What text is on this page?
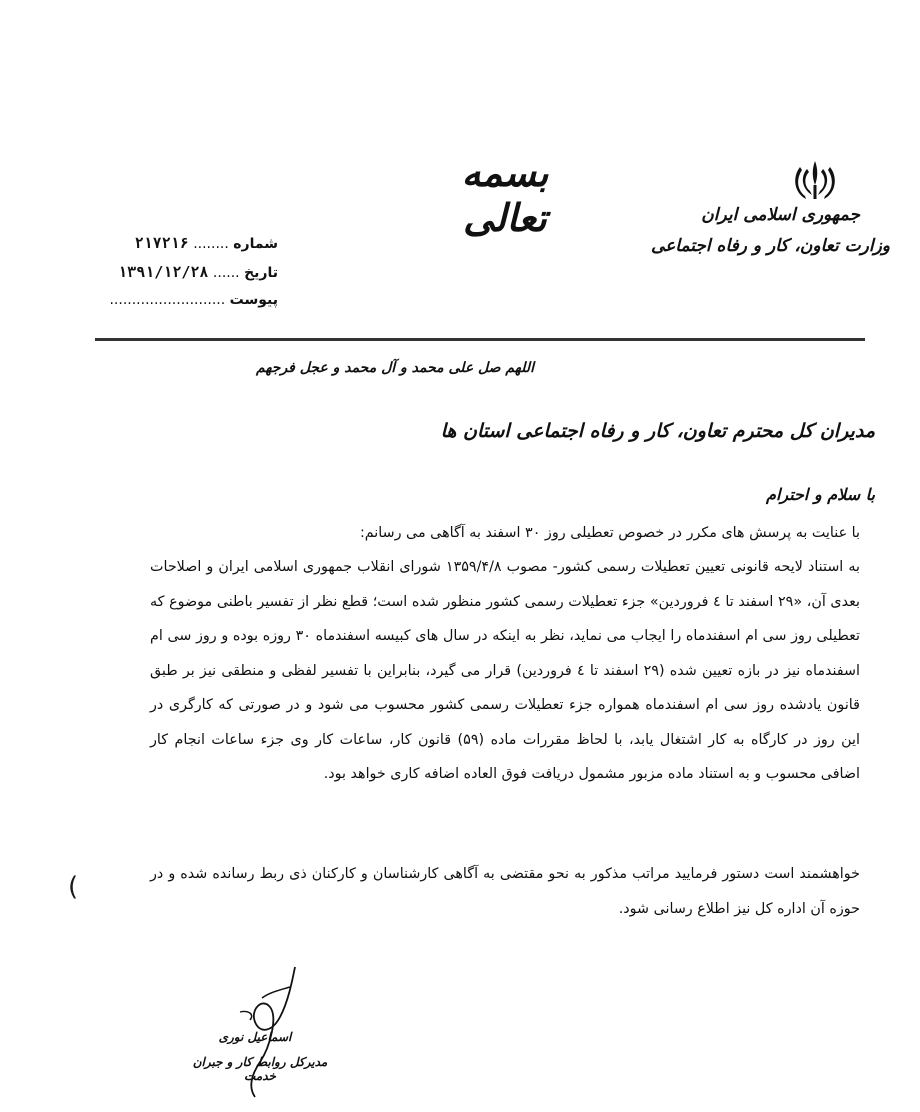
بسمه تعالی	جمهوری اسلامی ایران
وزارت تعاون، کار و رفاه اجتماعی
شماره ........ ۲۱۷۲۱۶
تاریخ ...... ۱۳۹۱/۱۲/۲۸
پیوست ..........................
اللهم صل علی محمد و آل محمد و عجل فرجهم
مدیران کل محترم تعاون، کار و رفاه اجتماعی استان ها
با سلام و احترام
با عنایت به پرسش های مکرر در خصوص تعطیلی روز ۳۰ اسفند به آگاهی می رسانم:
به استناد لایحه قانونی تعیین تعطیلات رسمی کشور- مصوب ۱۳۵۹/۴/۸ شورای انقلاب جمهوری اسلامی ایران و اصلاحات بعدی آن، «۲۹ اسفند تا ٤ فروردین» جزء تعطیلات رسمی کشور منظور شده است؛ قطع نظر از تفسیر باطنی موضوع که تعطیلی روز سی ام اسفندماه را ایجاب می نماید، نظر به اینکه در سال های کبیسه اسفندماه ۳۰ روزه بوده و روز سی ام اسفندماه نیز در بازه تعیین شده (۲۹ اسفند تا ٤ فروردین) قرار می گیرد، بنابراین با تفسیر لفظی و منطقی نیز بر طبق قانون یادشده روز سی ام اسفندماه همواره جزء تعطیلات رسمی کشور محسوب می شود و در صورتی که کارگری در این روز در کارگاه به کار اشتغال یابد، با لحاظ مقررات ماده (۵۹) قانون کار، ساعات کار وی جزء ساعات انجام کار اضافی محسوب و به استناد ماده مزبور مشمول دریافت فوق العاده اضافه کاری خواهد بود.
خواهشمند است دستور فرمایید مراتب مذکور به نحو مقتضی به آگاهی کارشناسان و کارکنان ذی ربط رسانده شده و در حوزه آن اداره کل نیز اطلاع رسانی شود.
(
اسماعیل نوری
مدیرکل روابط کار و جبران خدمت
